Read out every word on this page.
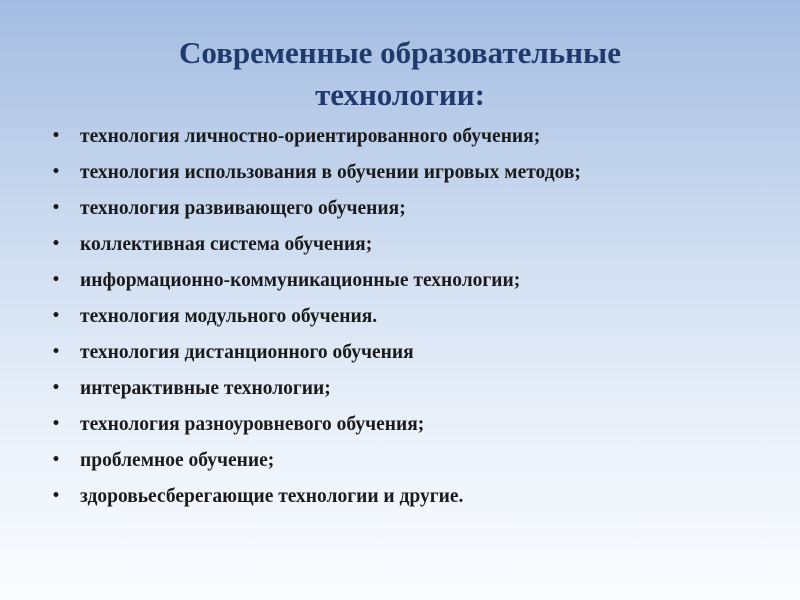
Современные образовательные технологии:
•	технология личностно-ориентированного обучения;
•	технология использования в обучении игровых методов;
•	технология развивающего обучения;
•	коллективная система обучения;
•	информационно-коммуникационные технологии;
•	технология модульного обучения.
•	технология дистанционного обучения
•	интерактивные технологии;
•	технология разноуровневого обучения;
•	проблемное обучение;
•	здоровьесберегающие технологии и другие.
